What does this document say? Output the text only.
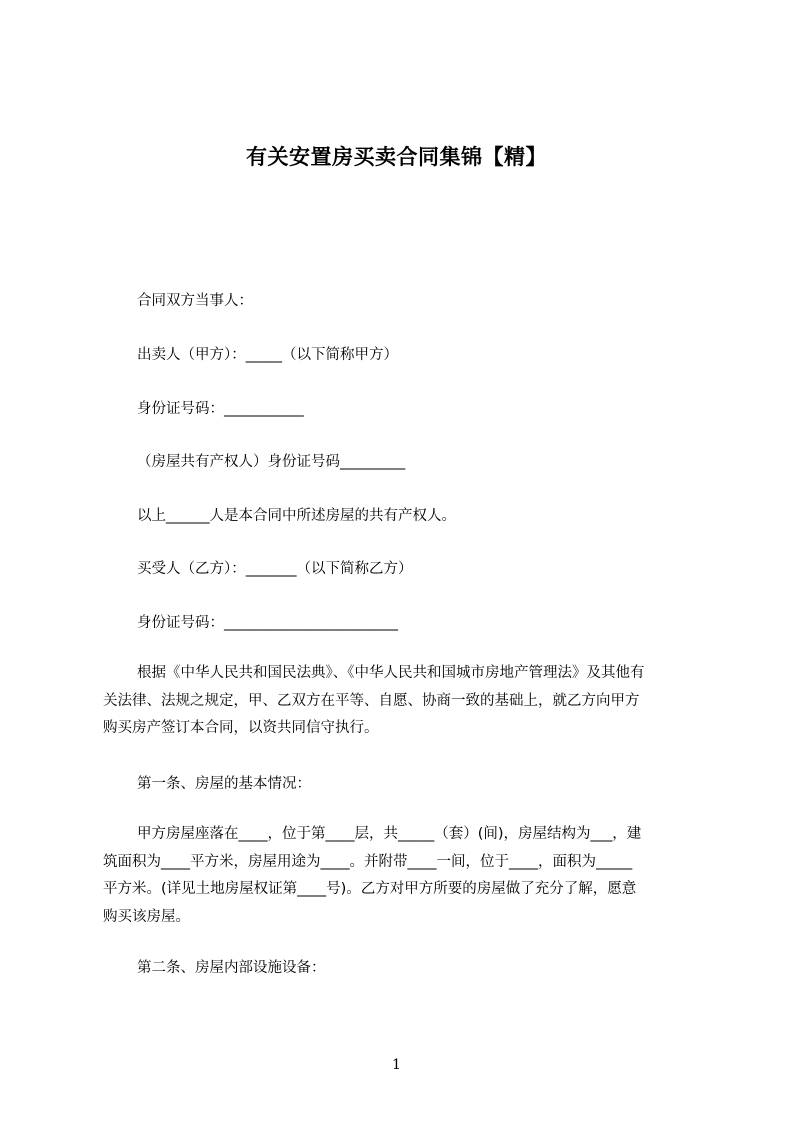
有关安置房买卖合同集锦【精】
合同双方当事人：
出卖人（甲方）：_____（以下简称甲方）
身份证号码：___________
（房屋共有产权人）身份证号码_________
以上______人是本合同中所述房屋的共有产权人。
买受人（乙方）：_______（以下简称乙方）
身份证号码：________________________
根据《中华人民共和国民法典》、《中华人民共和国城市房地产管理法》及其他有
关法律、法规之规定，甲、乙双方在平等、自愿、协商一致的基础上，就乙方向甲方
购买房产签订本合同，以资共同信守执行。
第一条、房屋的基本情况：
甲方房屋座落在____，位于第____层，共_____（套）(间)，房屋结构为___，建
筑面积为____平方米，房屋用途为____。并附带____一间，位于____，面积为_____
平方米。(详见土地房屋权证第____号)。乙方对甲方所要的房屋做了充分了解，愿意
购买该房屋。
第二条、房屋内部设施设备：
1
